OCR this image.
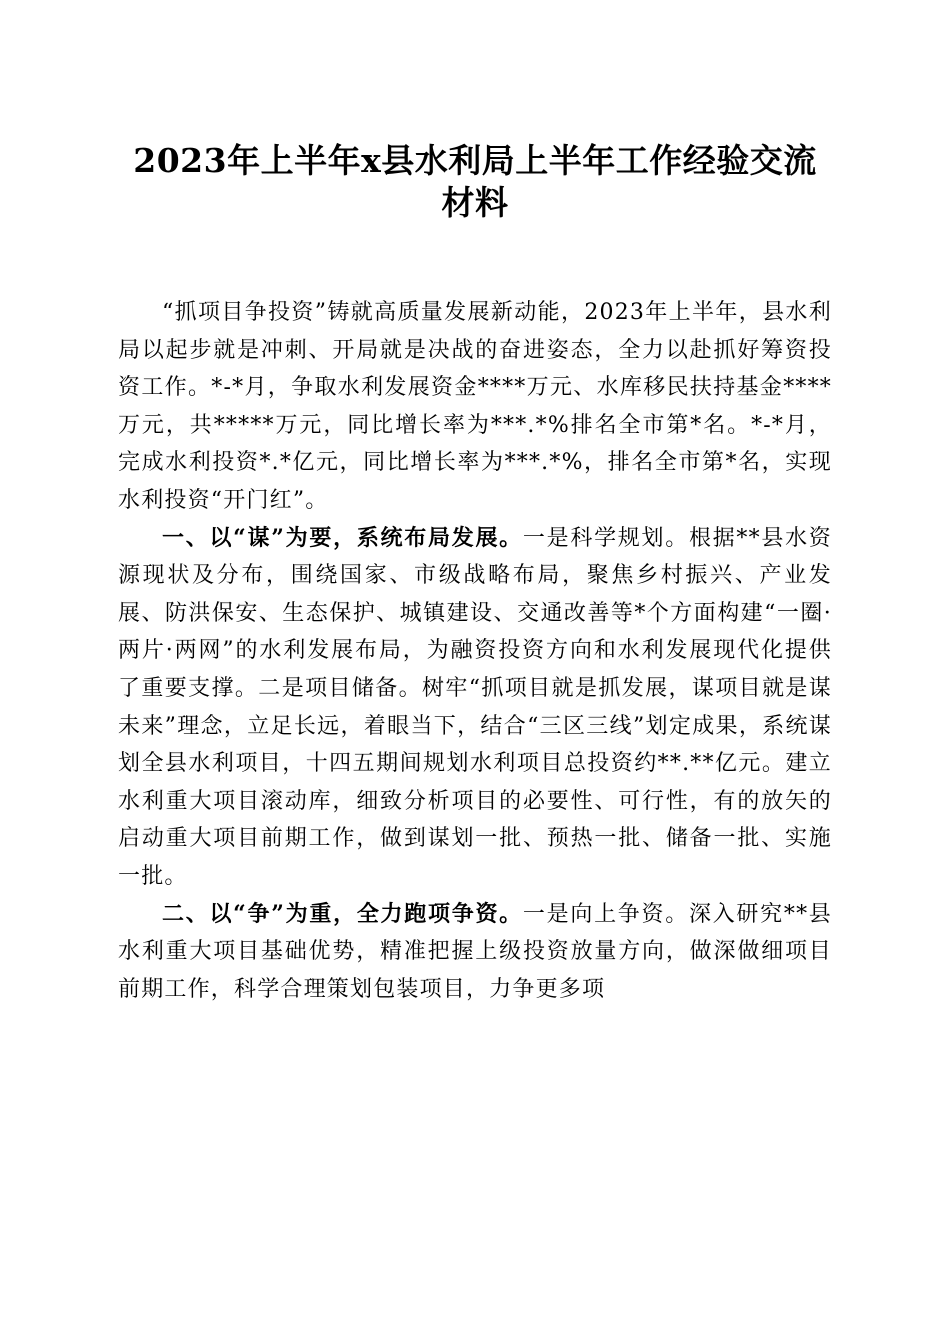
2023年上半年x县水利局上半年工作经验交流材料

“抓项目争投资”铸就高质量发展新动能，2023年上半年，县水利局以起步就是冲刺、开局就是决战的奋进姿态，全力以赴抓好筹资投资工作。*-*月，争取水利发展资金****万元、水库移民扶持基金****万元，共*****万元，同比增长率为***.*%排名全市第*名。*-*月，完成水利投资*.*亿元，同比增长率为***.*%，排名全市第*名，实现水利投资“开门红”。

一、以“谋”为要，系统布局发展。一是科学规划。根据**县水资源现状及分布，围绕国家、市级战略布局，聚焦乡村振兴、产业发展、防洪保安、生态保护、城镇建设、交通改善等*个方面构建“一圈·两片·两网”的水利发展布局，为融资投资方向和水利发展现代化提供了重要支撑。二是项目储备。树牢“抓项目就是抓发展，谋项目就是谋未来”理念，立足长远，着眼当下，结合“三区三线”划定成果，系统谋划全县水利项目，十四五期间规划水利项目总投资约**.**亿元。建立水利重大项目滚动库，细致分析项目的必要性、可行性，有的放矢的启动重大项目前期工作，做到谋划一批、预热一批、储备一批、实施一批。

二、以“争”为重，全力跑项争资。一是向上争资。深入研究**县水利重大项目基础优势，精准把握上级投资放量方向，做深做细项目前期工作，科学合理策划包装项目，力争更多项
